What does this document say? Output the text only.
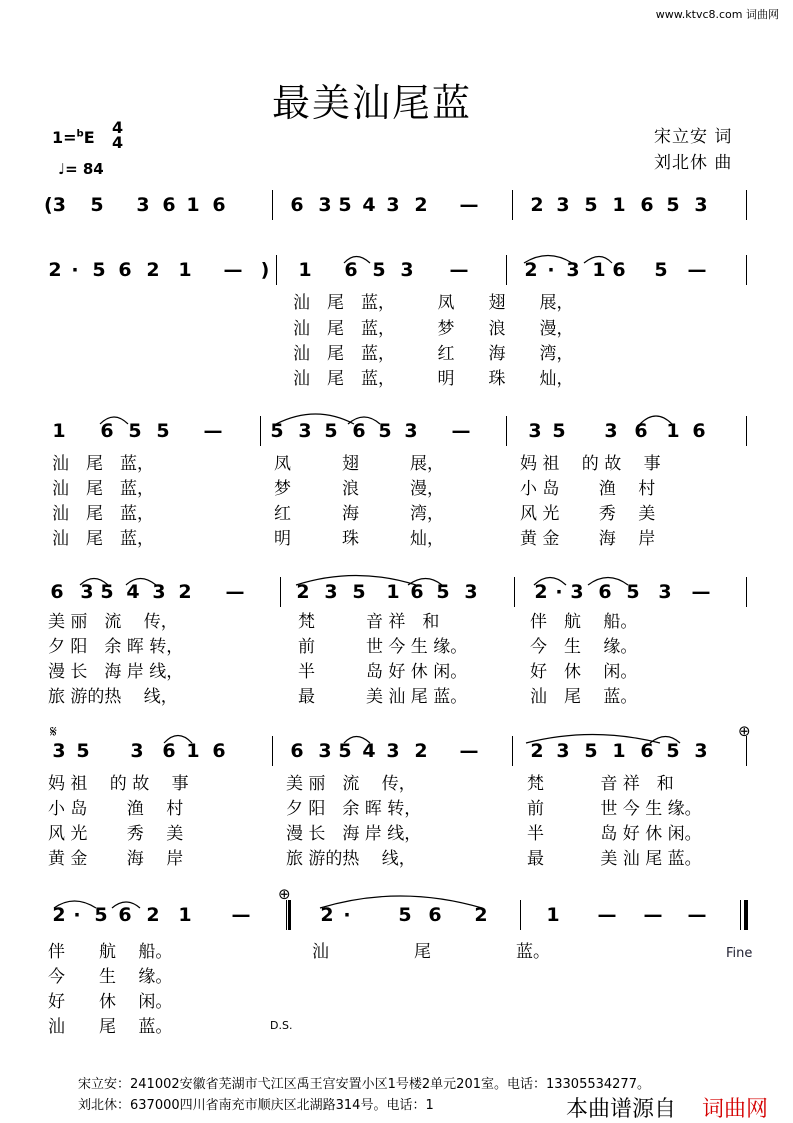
www.ktvc8.com 词曲网
最美汕尾蓝
1=$^b$E
4
4
♩= 84
宋立安 词
刘北休 曲
(3 5 3 6 1 6	6 3 5 4 3 2 —	2 3 5 1 6 5 3
2 · 5 6 2 1 — )	1 6 5 3 —	2 · 3 1 6 5 —
1 6 5 5 —	5 3 5 6 5 3 —	3 5 3 6 1 6
6 3 5 4 3 2 —	2 3 5 1 6 5 3	2 · 3 6 5 3 —
3 5 3 6 1 6	6 3 5 4 3 2 —	2 3 5 1 6 5 3
2 · 5 6 2 1 —	2 ·	5 6 2	1 — — —
汕　尾　蓝，　　　凤　　翅　　展，
汕　尾　蓝，　　　梦　　浪　　漫，
汕　尾　蓝，　　　红　　海　　湾，
汕　尾　蓝，　　　明　　珠　　灿，
汕　尾　蓝，
汕　尾　蓝，
汕　尾　蓝，
汕　尾　蓝，
凤　　　翅　　　展，
梦　　　浪　　　漫，
红　　　海　　　湾，
明　　　珠　　　灿，
妈 祖　 的 故　 事
小 岛　　 渔　 村
风 光　　 秀　 美
黄 金　　 海　 岸
美 丽　流　 传，
夕 阳　余 晖 转，
漫 长　海 岸 线，
旅 游的热　 线，
梵　　　音 祥　和
前　　　世 今 生 缘。
半　　　岛 好 休 闲。
最　　　美 汕 尾 蓝。
伴　航　 船。
今　生　 缘。
好　休　 闲。
汕　尾　 蓝。
妈 祖　 的 故　 事
小 岛　　 渔　 村
风 光　　 秀　 美
黄 金　　 海　 岸
美 丽　流　 传，
夕 阳　余 晖 转，
漫 长　海 岸 线，
旅 游的热　 线，
梵　　　 音 祥　和
前　　　 世 今 生 缘。
半　　　 岛 好 休 闲。
最　　　 美 汕 尾 蓝。
伴　　航　 船。
今　　生　 缘。
好　　休　 闲。
汕　　尾　 蓝。
汕　　　　　尾　　　　　蓝。
𝄋	⊕
⊕
Fine
D.S.
宋立安：241002安徽省芜湖市弋江区禹王宫安置小区1号楼2单元201室。电话：13305534277。
刘北休：637000四川省南充市顺庆区北湖路314号。电话：1	本曲谱源自 词曲网
